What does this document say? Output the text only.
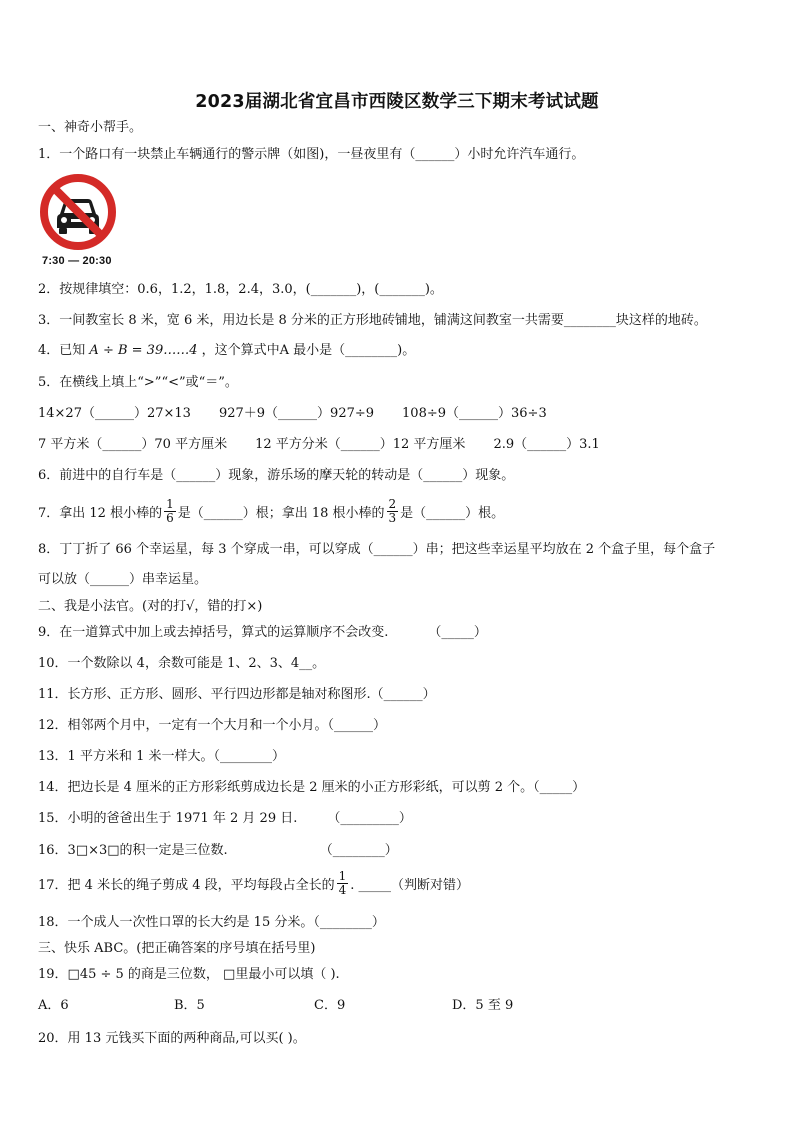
2023届湖北省宜昌市西陵区数学三下期末考试试题
一、神奇小帮手。
1．一个路口有一块禁止车辆通行的警示牌（如图)，一昼夜里有（______）小时允许汽车通行。
7:30 — 20:30
2．按规律填空：0.6，1.2，1.8，2.4，3.0，(_______)，(_______)。
3．一间教室长 8 米，宽 6 米，用边长是 8 分米的正方形地砖铺地，铺满这间教室一共需要________块这样的地砖。
4．已知 A ÷ B = 39……4 ，这个算式中A 最小是（________)。
5．在横线上填上“>”“<”或“＝”。
14×27（______）27×13 927＋9（______）927÷9 108÷9（______）36÷3
7 平方米（______）70 平方厘米 12 平方分米（______）12 平方厘米 2.9（______）3.1
6．前进中的自行车是（______）现象，游乐场的摩天轮的转动是（______）现象。
7．拿出 12 根小棒的 $\frac{1}{6}$ 是（______）根；拿出 18 根小棒的 $\frac{2}{3}$ 是（______）根。
8．丁丁折了 66 个幸运星，每 3 个穿成一串，可以穿成（______）串；把这些幸运星平均放在 2 个盒子里，每个盒子
可以放（______）串幸运星。
二、我是小法官。(对的打√，错的打×)
9．在一道算式中加上或去掉括号，算式的运算顺序不会改变.	（_____）
10．一个数除以 4，余数可能是 1、2、3、4__。
11．长方形、正方形、圆形、平行四边形都是轴对称图形.（______）
12．相邻两个月中，一定有一个大月和一个小月。（______）
13．1 平方米和 1 米一样大。（________）
14．把边长是 4 厘米的正方形彩纸剪成边长是 2 厘米的小正方形彩纸，可以剪 2 个。（_____）
15．小明的爸爸出生于 1971 年 2 月 29 日. （_________）
16．3□×3□的积一定是三位数.	（________）
17．把 4 米长的绳子剪成 4 段，平均每段占全长的 $\frac{1}{4}$ . _____（判断对错）
18．一个成人一次性口罩的长大约是 15 分米。（________）
三、快乐 ABC。(把正确答案的序号填在括号里)
19．□45 ÷ 5 的商是三位数， □里最小可以填（ ).
A．6	B．5	C．9	D．5 至 9
20．用 13 元钱买下面的两种商品,可以买( )。
